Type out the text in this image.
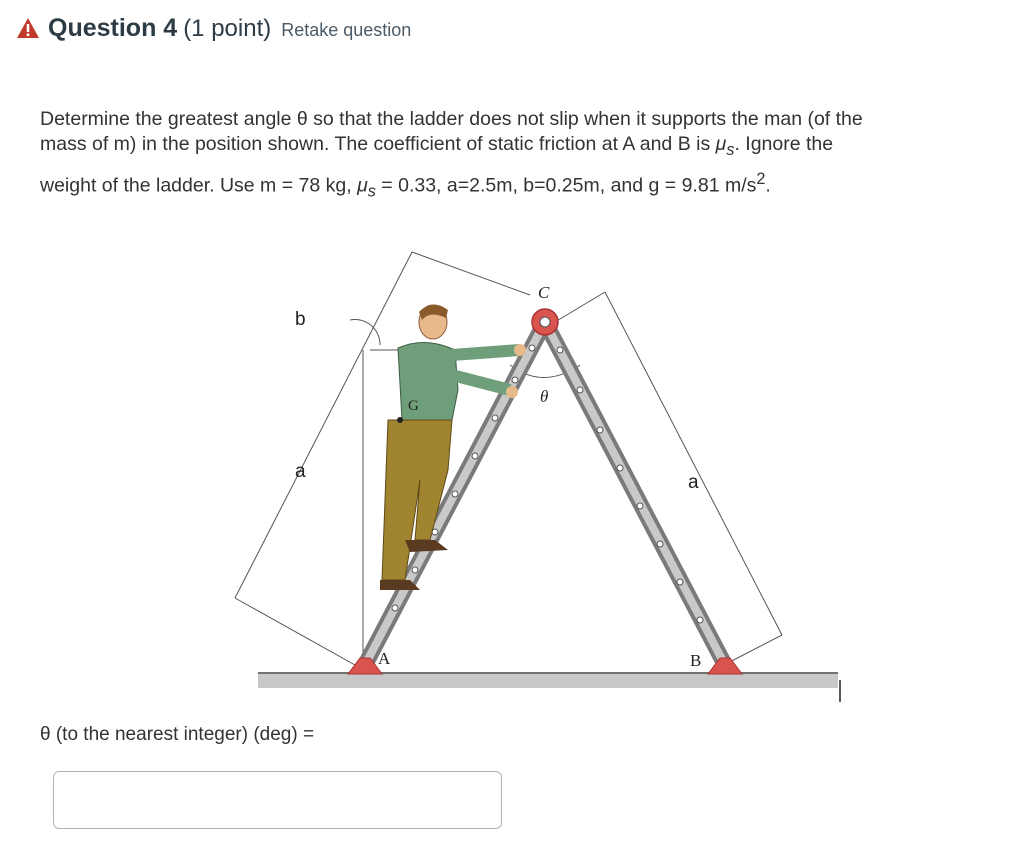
Question 4 (1 point) Retake question
Determine the greatest angle θ so that the ladder does not slip when it supports the man (of the
mass of m) in the position shown. The coefficient of static friction at A and B is $\mu_s$. Ignore the
weight of the ladder. Use m = 78 kg, $\mu_s = 0.33$, a=2.5m, b=0.25m, and g = 9.81 $m/s^2$.
b
a
a
C
θ
G
A	B
θ (to the nearest integer) (deg) =
